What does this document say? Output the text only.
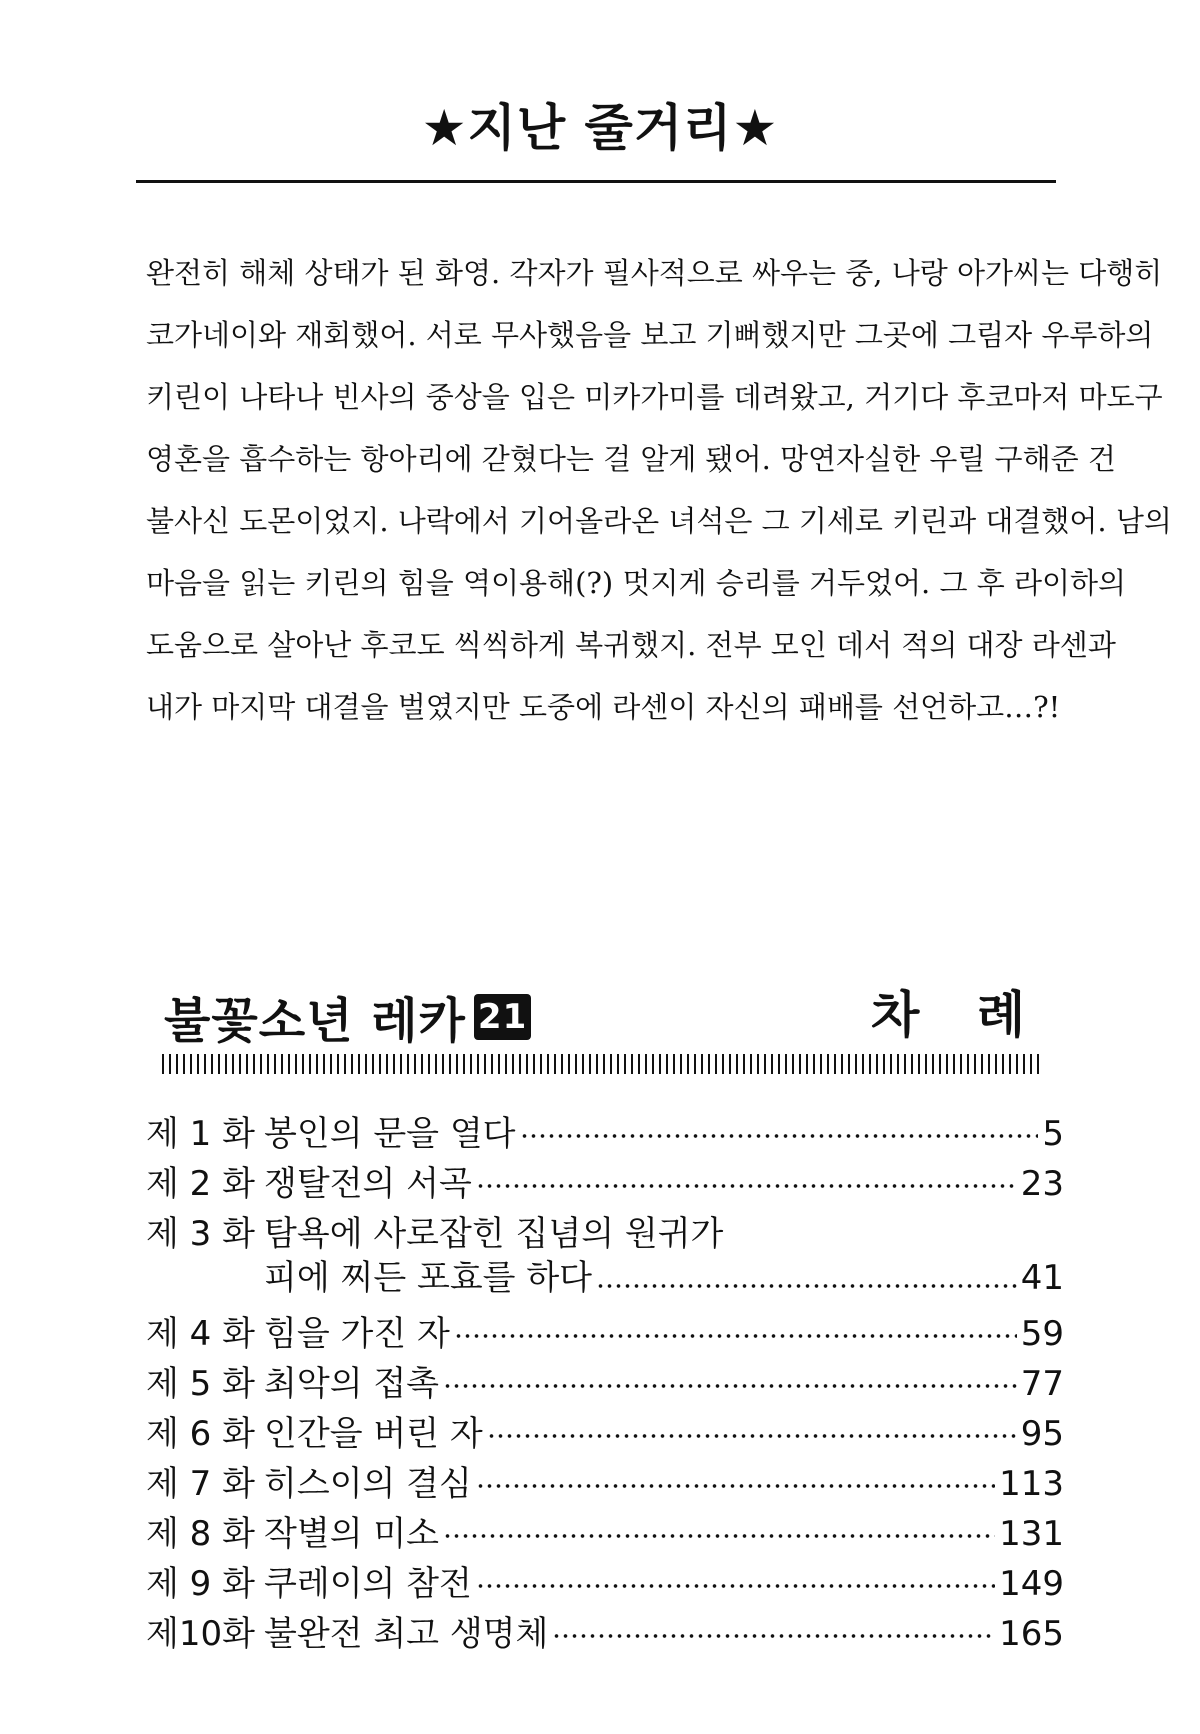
★지난 줄거리★
완전히 해체 상태가 된 화영. 각자가 필사적으로 싸우는 중, 나랑 아가씨는 다행히
코가네이와 재회했어. 서로 무사했음을 보고 기뻐했지만 그곳에 그림자 우루하의
키린이 나타나 빈사의 중상을 입은 미카가미를 데려왔고, 거기다 후코마저 마도구
영혼을 흡수하는 항아리에 갇혔다는 걸 알게 됐어. 망연자실한 우릴 구해준 건
불사신 도몬이었지. 나락에서 기어올라온 녀석은 그 기세로 키린과 대결했어. 남의
마음을 읽는 키린의 힘을 역이용해(?) 멋지게 승리를 거두었어. 그 후 라이하의
도움으로 살아난 후코도 씩씩하게 복귀했지. 전부 모인 데서 적의 대장 라센과
내가 마지막 대결을 벌였지만 도중에 라센이 자신의 패배를 선언하고…?!
불꽃소년 레카 21	차 례
제 1 화 봉인의 문을 열다	5
제 2 화 쟁탈전의 서곡	23
제 3 화 탐욕에 사로잡힌 집념의 원귀가
피에 찌든 포효를 하다	41
제 4 화 힘을 가진 자	59
제 5 화 최악의 접촉	77
제 6 화 인간을 버린 자	95
제 7 화 히스이의 결심	113
제 8 화 작별의 미소	131
제 9 화 쿠레이의 참전	149
제10화 불완전 최고 생명체	165
